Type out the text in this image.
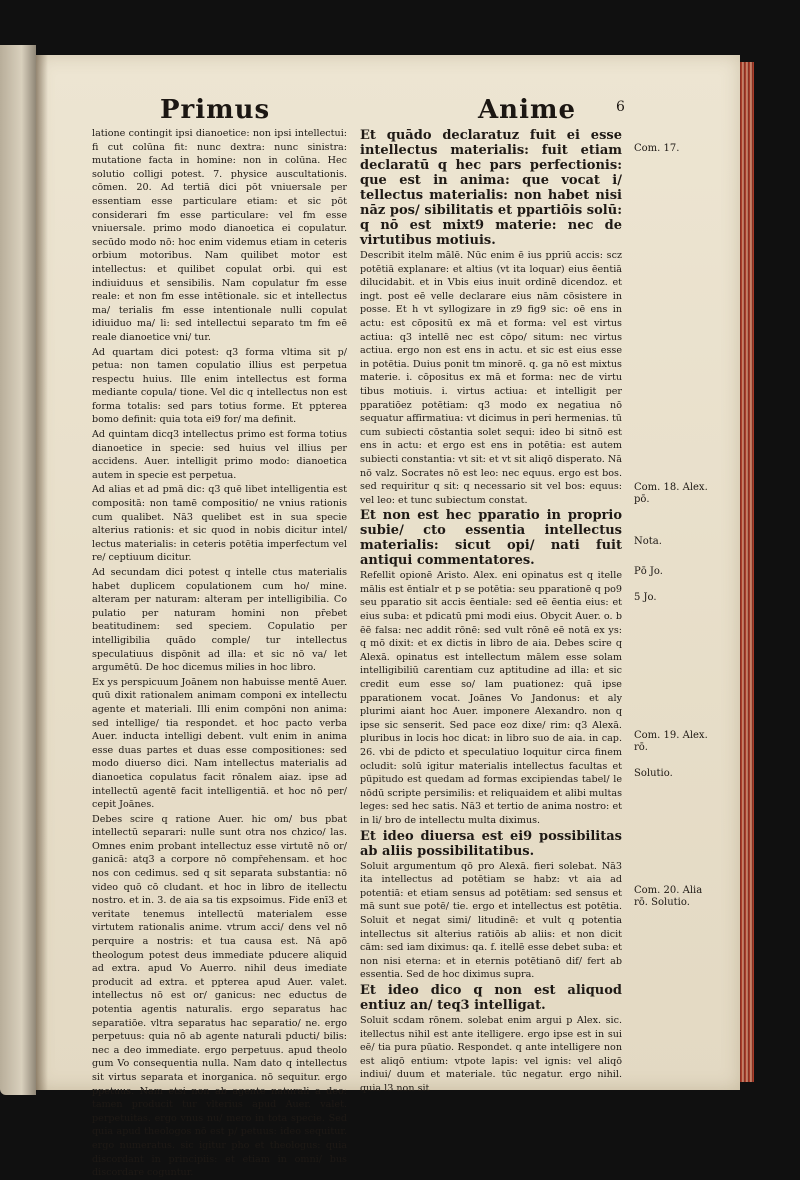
Primus	Anime	6

latione contingit ipsi dianoetice: non ipsi intellectui: fi cut colūna fit: nunc dextra: nunc sinistra: mutatione facta in homine: non in colūna. Hec solutio colligi potest. 7. physice auscultationis. cōmen. 20. Ad tertiā dici pōt vniuersale per essentiam esse particulare etiam: et sic pōt considerari fm esse particulare: vel fm esse vniuersale. primo modo dianoetica ei copulatur. secūdo modo nō: hoc enim videmus etiam in ceteris orbium motoribus. Nam quilibet motor est intellectus: et quilibet copulat orbi. qui est indiuiduus et sensibilis. Nam copulatur fm esse reale: et non fm esse intētionale. sic et intellectus ma/ terialis fm esse intentionale nulli copulat idiuiduo ma/ li: sed intellectui separato tm fm eē reale dianoetice vni/ tur.

Ad quartam dici potest: q3 forma vltima sit p/ petua: non tamen copulatio illius est perpetua respectu huius. Ille enim intellectus est forma mediante copula/ tione. Vel dic q intellectus non est forma totalis: sed pars totius forme. Et ppterea bomo definit: quia tota ei9 for/ ma definit.

Ad quintam dicq3 intellectus primo est forma totius dianoetice in specie: sed huius vel illius per accidens. Auer. intelligit primo modo: dianoetica autem in specie est perpetua.

Ad alias et ad pmā dic: q3 quē libet intelligentia est compositā: non tamē compositio/ ne vnius rationis cum qualibet. Nā3 quelibet est in sua specie alterius rationis: et sic quod in nobis dicitur intel/ lectus materialis: in ceteris potētia imperfectum vel re/ ceptiuum dicitur.

Ad secundam dici potest q intelle ctus materialis habet duplicem copulationem cum ho/ mine. alteram per naturam: alteram per intelligibilia. Co pulatio per naturam homini non pr̄ebet beatitudinem: sed speciem. Copulatio per intelligibilia quādo comple/ tur intellectus speculatiuus dispōnit ad illa: et sic nō va/ let argumētū. De hoc dicemus milies in hoc libro.

Ex ys perspicuum Joānem non habuisse mentē Auer. quū dixit rationalem animam componi ex intellectu agente et materiali. Illi enim compōni non anima: sed intellige/ tia respondet. et hoc pacto verba Auer. inducta intelligi debent. vult enim in anima esse duas partes et duas esse compositiones: sed modo diuerso dici. Nam intellectus materialis ad dianoetica copulatus facit rōnalem aiaz. ipse ad intellectū agentē facit intelligentiā. et hoc nō per/ cepit Joānes.

Debes scire q ratione Auer. hic om/ bus pbat intellectū separari: nulle sunt otra nos chzico/ las. Omnes enim probant intellectuz esse virtutē nō or/ ganicā: atq3 a corpore nō compr̄ehensam. et hoc nos con cedimus. sed q sit separata substantia: nō video quō cō cludant. et hoc in libro de itellectu nostro. et in. 3. de aia sa tis expsoimus. Fide enī3 et veritate tenemus intellectū materialem esse virtutem rationalis anime. vtrum acci/ dens vel nō perquire a nostris: et tua causa est. Nā apō theologum potest deus immediate pducere aliquid ad extra. apud Vo Auerro. nihil deus imediate producit ad extra. et ppterea apud Auer. valet. intellectus nō est or/ ganicus: nec eductus de potentia agentis naturalis. ergo separatus hac separatiōe. vltra separatus hac separatio/ ne. ergo perpetuus: quia nō ab agente naturali pducti/ bilis: nec a deo immediate. ergo perpetuus. apud theolo gum Vo consequentia nulla. Nam dato q intellectus sit virtus separata et inorganica. nō sequitur. ergo ppetuus. Nam etsi non ab agente naturali a deo: tamen producit tur vlterius apud Auer. valet. perpetuitas. ergo vnus nu/ mero in tota specie. Sed quia apud theologos nō est p/ petuus: ideo sequitur. ergo numeratus. sic igitur pho et theologus: quia discordant in principiis: et etiam in omni/ bus discordare coguntur.

Et quādo declaratuz fuit ei esse intellectus materialis: fuit etiam declaratū q hec pars perfectionis: que est in anima: que vocat i/ tellectus materialis: non habet nisi nāz pos/ sibilitatis et ppartiōis solū: q nō est mixt9 materie: nec de virtutibus motiuis.

Describit itelm mālē. Nūc enim ē ius ppriū accis: scz potētiā explanare: et altius (vt ita loquar) eius ēentiā dilucidabit. et in Vbis eius inuit ordinē dicendoz. et ingt. post eē velle declarare eius nām cōsistere in posse. Et h vt syllogizare in z9 fig9 sic: oē ens in actu: est cōpositū ex mā et forma: vel est virtus actiua: q3 intellē nec est cōpo/ situm: nec virtus actiua. ergo non est ens in actu. et sic est eius esse in potētia. Duius ponit tm minorē. q. ga nō est mixtus materie. i. cōpositus ex mā et forma: nec de virtu tibus motiuis. i. virtus actiua: et intelligit per pparatiōez potētiam: q3 modo ex negatiua nō sequatur affirmatiua: vt dicimus in peri hermenias. tū cum subiecti cōstantia solet sequi: ideo bi sitnō est ens in actu: et ergo est ens in potētia: est autem subiecti constantia: vt sit: et vt sit aliqō disperato. Nā nō valz. Socrates nō est leo: nec equus. ergo est bos. sed requiritur q sit: q necessario sit vel bos: equus: vel leo: et tunc subiectum constat.

Et non est hec pparatio in proprio subie/ cto essentia intellectus materialis: sicut opi/ nati fuit antiqui commentatores.

Refellit opionē Aristo. Alex. eni opinatus est q itelle mālis est ēntialr et p se potētia: seu pparationē q po9 seu pparatio sit accis ēentiale: sed eē ēentia eius: et eius suba: et pdicatū pmi modi eius. Obycit Auer. o. b ēē falsa: nec addit rōnē: sed vult rōnē eē notā ex ys: q mō dixit: et ex dictis in libro de aia. Debes scire q Alexā. opinatus est intellectum mālem esse solam intelligibiliū carentiam cuz aptitudine ad illa: et sic credit eum esse so/ lam puationez: quā ipse pparationem vocat. Joānes Vo Jandonus: et aly plurimi aiant hoc Auer. imponere Alexandro. non q ipse sic senserit. Sed pace eoz dixe/ rim: q3 Alexā. pluribus in locis hoc dicat: in libro suo de aia. in cap. 26. vbi de pdicto et speculatiuo loquitur circa finem ocludit: solū igitur materialis intellectus facultas et pūpitudo est quedam ad formas excipiendas tabel/ le nōdū scripte persimilis: et reliquaidem et alibi multas leges: sed hec satis. Nā3 et tertio de anima nostro: et in li/ bro de intellectu multa diximus.

Et ideo diuersa est ei9 possibilitas ab aliis possibilitatibus.

Soluit argumentum qō pro Alexā. fieri solebat. Nā3 ita intellectus ad potētiam se habz: vt aia ad potentiā: et etiam sensus ad potētiam: sed sensus et mā sunt sue potē/ tie. ergo et intellectus est potētia. Soluit et negat simi/ litudinē: et vult q potentia intellectus sit alterius ratiōis ab aliis: et non dicit cām: sed iam diximus: qa. f. itellē esse debet suba: et non nisi eterna: et in eternis potētianō dif/ fert ab essentia. Sed de hoc diximus supra.

Et ideo dico q non est aliquod entiuz an/ teq3 intelligat.

Soluit scdam rōnem. solebat enim argui p Alex. sic. itellectus nihil est ante itelligere. ergo ipse est in sui eē/ tia pura pūatio. Respondet. q ante intelligere non est aliqō entium: vtpote lapis: vel ignis: vel aliqō indiui/ duum et materiale. tūc negatur. ergo nihil. quia l3 non sit

Com. 17.
Com. 18. Alex. pō.
Nota.
Pō Jo.
5 Jo.
Com. 19. Alex. rō.
Solutio.
Com. 20. Alia rō. Solutio.
